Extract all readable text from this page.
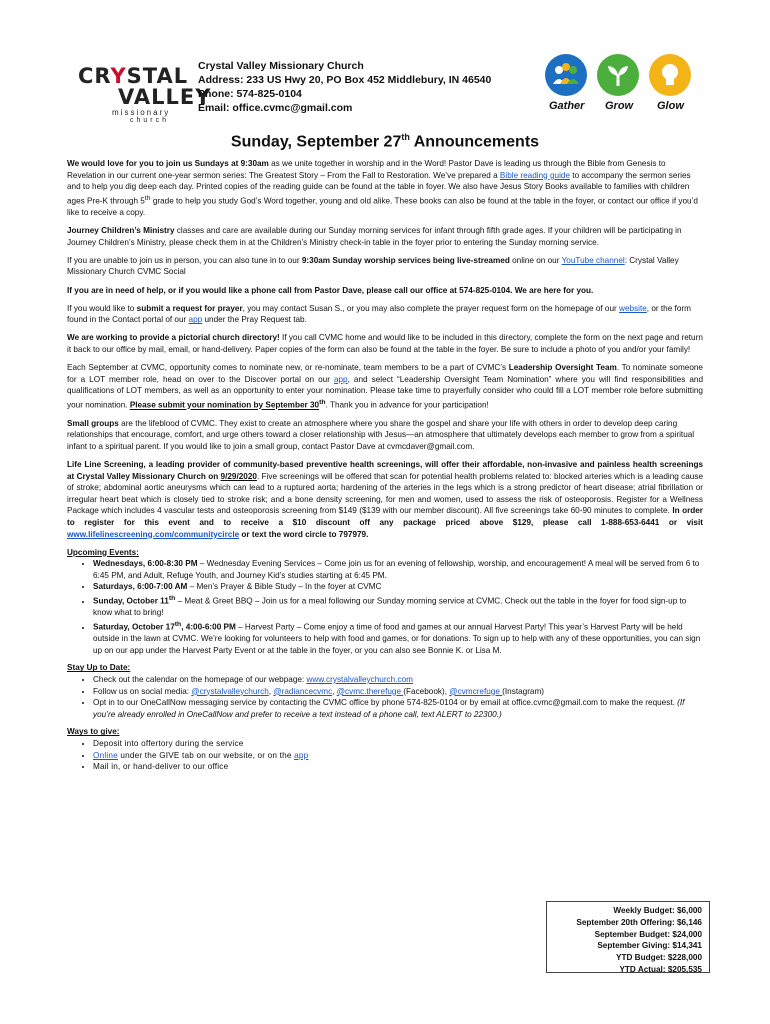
CRYSTAL
VALLEY
missionary
church
Crystal Valley Missionary Church
Address: 233 US Hwy 20, PO Box 452 Middlebury, IN 46540
Phone: 574-825-0104
Email: office.cvmc@gmail.com	Gather Grow Glow
Sunday, September 27th Announcements

We would love for you to join us Sundays at 9:30am as we unite together in worship and in the Word! Pastor Dave is leading us through the Bible from Genesis to Revelation in our current one-year sermon series: The Greatest Story – From the Fall to Restoration. We’ve prepared a Bible reading guide to accompany the sermon series and to help you dig deep each day. Printed copies of the reading guide can be found at the table in foyer. We also have Jesus Story Books available to families with children ages Pre-K through 5th grade to help you study God’s Word together, young and old alike. These books can also be found at the table in the foyer, or contact our office if you’d like to receive a copy.

Journey Children’s Ministry classes and care are available during our Sunday morning services for infant through fifth grade ages. If your children will be participating in Journey Children’s Ministry, please check them in at the Children’s Ministry check-in table in the foyer prior to entering the Sunday morning service.

If you are unable to join us in person, you can also tune in to our 9:30am Sunday worship services being live-streamed online on our YouTube channel: Crystal Valley Missionary Church CVMC Social

If you are in need of help, or if you would like a phone call from Pastor Dave, please call our office at 574-825-0104. We are here for you.

If you would like to submit a request for prayer, you may contact Susan S., or you may also complete the prayer request form on the homepage of our website, or the form found in the Contact portal of our app under the Pray Request tab.

We are working to provide a pictorial church directory! If you call CVMC home and would like to be included in this directory, complete the form on the next page and return it back to our office by mail, email, or hand-delivery. Paper copies of the form can also be found at the table in the foyer. Be sure to include a photo of you and/or your family!

Each September at CVMC, opportunity comes to nominate new, or re-nominate, team members to be a part of CVMC’s Leadership Oversight Team. To nominate someone for a LOT member role, head on over to the Discover portal on our app, and select “Leadership Oversight Team Nomination” where you will find responsibilities and qualifications of LOT members, as well as an opportunity to enter your nomination. Please take time to prayerfully consider who could fill a LOT member role before submitting your nomination. Please submit your nomination by September 30th. Thank you in advance for your participation!

Small groups are the lifeblood of CVMC. They exist to create an atmosphere where you share the gospel and share your life with others in order to develop deep caring relationships that encourage, comfort, and urge others toward a closer relationship with Jesus—an atmosphere that ultimately develops each member to grow from a spiritual infant to a spiritual parent. If you would like to join a small group, contact Pastor Dave at cvmcdaver@gmail.com.

Life Line Screening, a leading provider of community-based preventive health screenings, will offer their affordable, non-invasive and painless health screenings at Crystal Valley Missionary Church on 9/29/2020. Five screenings will be offered that scan for potential health problems related to: blocked arteries which is a leading cause of stroke; abdominal aortic aneurysms which can lead to a ruptured aorta; hardening of the arteries in the legs which is a strong predictor of heart disease; atrial fibrillation or irregular heart beat which is closely tied to stroke risk; and a bone density screening, for men and women, used to assess the risk of osteoporosis. Register for a Wellness Package which includes 4 vascular tests and osteoporosis screening from $149 ($139 with our member discount). All five screenings take 60-90 minutes to complete. In order to register for this event and to receive a $10 discount off any package priced above $129, please call 1-888-653-6441 or visit www.lifelinescreening.com/communitycircle or text the word circle to 797979.

Upcoming Events:
• Wednesdays, 6:00-8:30 PM – Wednesday Evening Services – Come join us for an evening of fellowship, worship, and encouragement! A meal will be served from 6 to 6:45 PM, and Adult, Refuge Youth, and Journey Kid’s studies starting at 6:45 PM.
• Saturdays, 6:00-7:00 AM – Men’s Prayer & Bible Study – In the foyer at CVMC
• Sunday, October 11th – Meat & Greet BBQ – Join us for a meal following our Sunday morning service at CVMC. Check out the table in the foyer for food sign-up to know what to bring!
• Saturday, October 17th, 4:00-6:00 PM – Harvest Party – Come enjoy a time of food and games at our annual Harvest Party! This year’s Harvest Party will be held outside in the lawn at CVMC. We’re looking for volunteers to help with food and games, or for donations. To sign up to help with any of these opportunities, you can sign up on our app under the Harvest Party Event or at the table in the foyer, or you can also see Bonnie K. or Lisa M.
Stay Up to Date:
• Check out the calendar on the homepage of our webpage: www.crystalvalleychurch.com
• Follow us on social media: @crystalvalleychurch, @radiancecvmc, @cvmc.therefuge (Facebook), @cvmcrefuge (Instagram)
• Opt in to our OneCallNow messaging service by contacting the CVMC office by phone 574-825-0104 or by email at office.cvmc@gmail.com to make the request. (If you’re already enrolled in OneCallNow and prefer to receive a text instead of a phone call, text ALERT to 22300.)
Ways to give:
• Deposit into offertory during the service
• Online under the GIVE tab on our website, or on the app
• Mail in, or hand-deliver to our office
Weekly Budget: $6,000
September 20th Offering: $6,146
September Budget: $24,000
September Giving: $14,341
YTD Budget: $228,000
YTD Actual: $205,535
